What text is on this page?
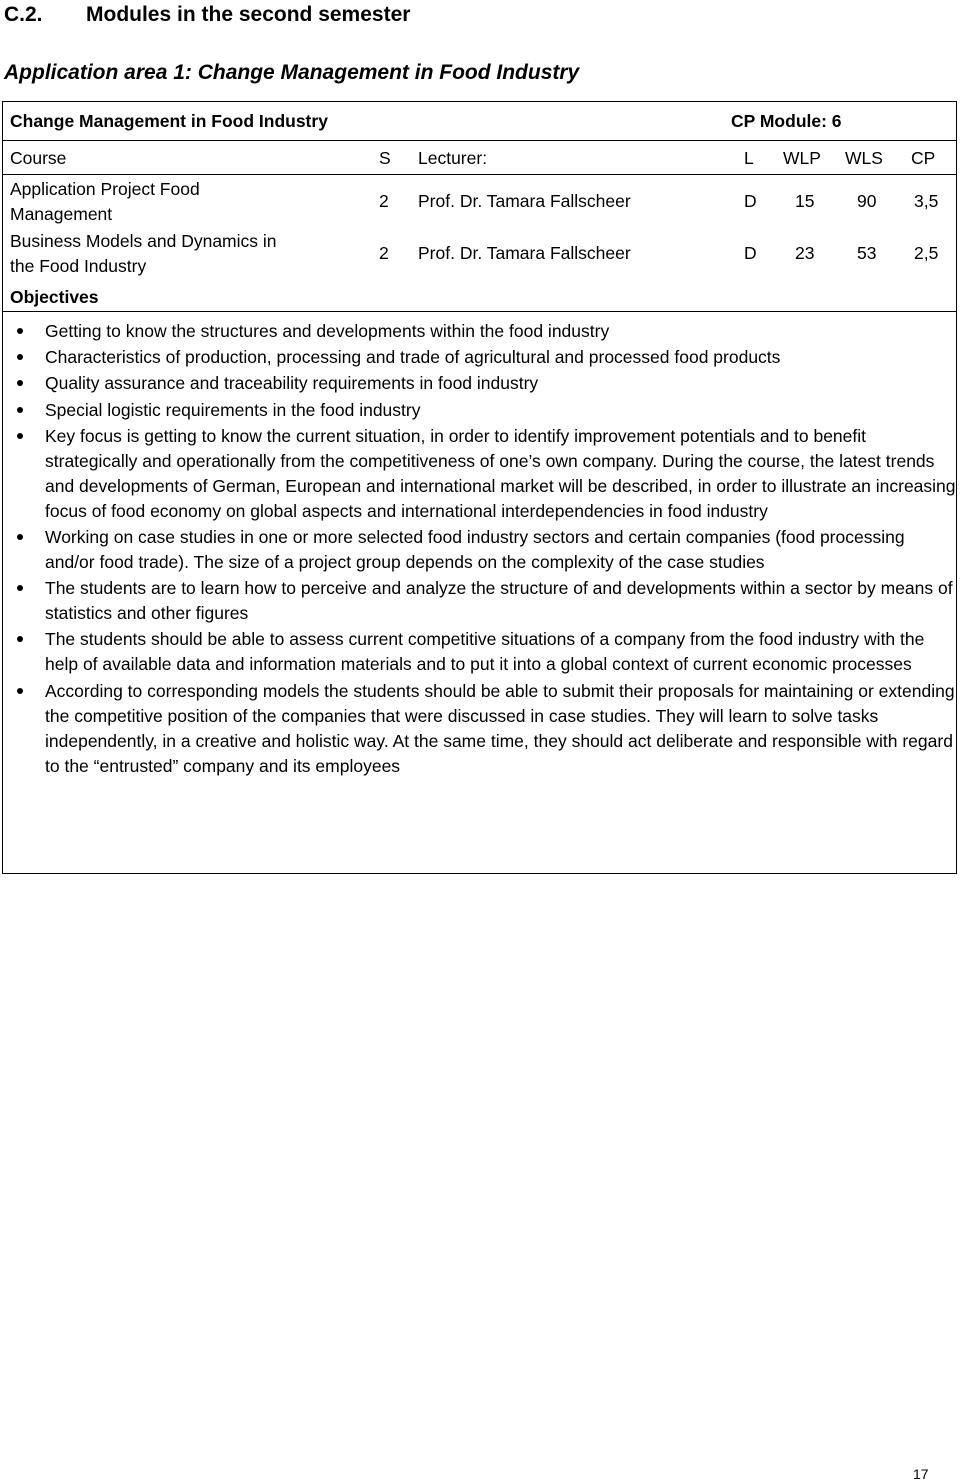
C.2. Modules in the second semester
Application area 1: Change Management in Food Industry
Change Management in Food Industry	CP Module: 6
Course	S Lecturer:	L WLP WLS CP
Application Project Food
Management
2 Prof. Dr. Tamara Fallscheer	D 15 90 3,5
Business Models and Dynamics in
the Food Industry
2 Prof. Dr. Tamara Fallscheer	D 23 53 2,5
Objectives
Getting to know the structures and developments within the food industry
Characteristics of production, processing and trade of agricultural and processed food products
Quality assurance and traceability requirements in food industry
Special logistic requirements in the food industry
Key focus is getting to know the current situation, in order to identify improvement potentials and to benefit strategically and operationally from the competitiveness of one’s own company. During the course, the latest trends and developments of German, European and international market will be described, in order to illustrate an increasing focus of food economy on global aspects and international interdependencies in food industry
Working on case studies in one or more selected food industry sectors and certain companies (food processing and/or food trade). The size of a project group depends on the complexity of the case studies
The students are to learn how to perceive and analyze the structure of and developments within a sector by means of statistics and other figures
The students should be able to assess current competitive situations of a company from the food industry with the help of available data and information materials and to put it into a global context of current economic processes
According to corresponding models the students should be able to submit their proposals for maintaining or extending the competitive position of the companies that were discussed in case studies. They will learn to solve tasks independently, in a creative and holistic way. At the same time, they should act deliberate and responsible with regard to the “entrusted” company and its employees
17
